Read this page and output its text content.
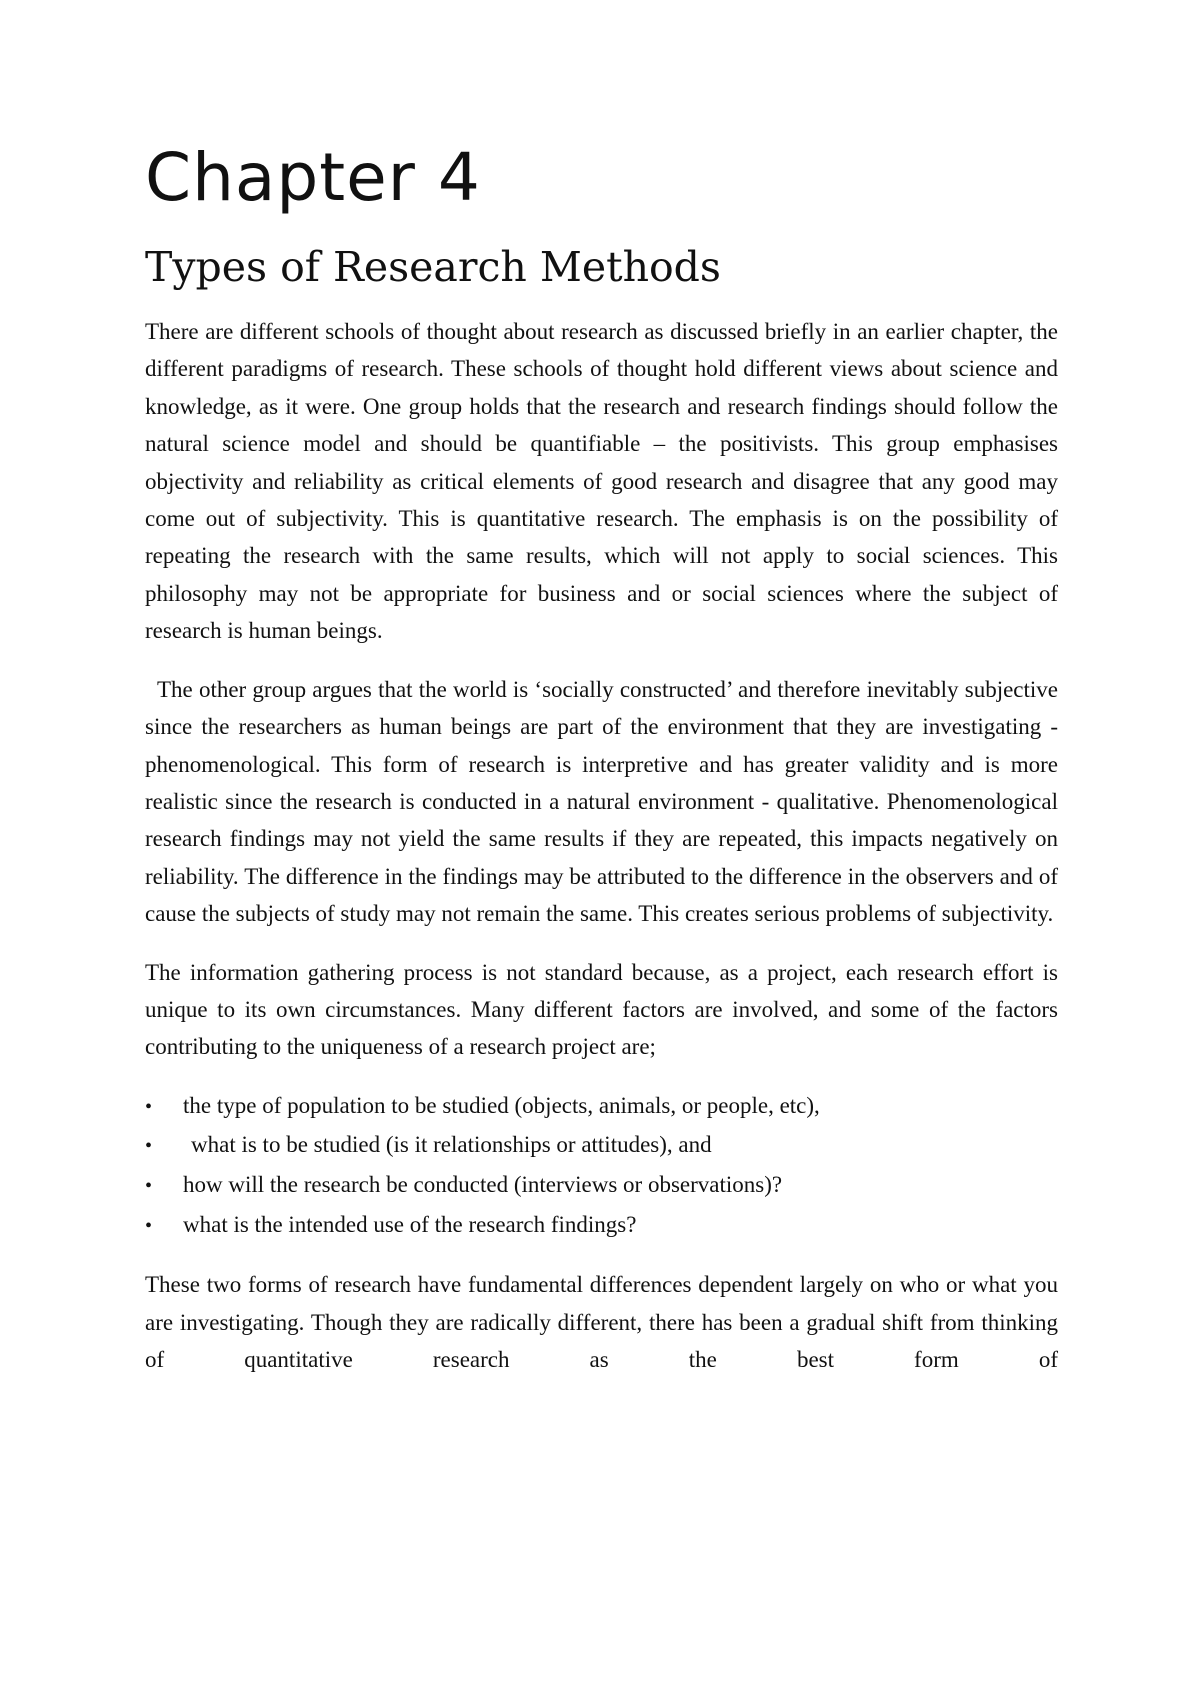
Chapter 4
Types of Research Methods

There are different schools of thought about research as discussed briefly in an earlier chapter, the different paradigms of research. These schools of thought hold different views about science and knowledge, as it were. One group holds that the research and research findings should follow the natural science model and should be quantifiable – the positivists. This group emphasises objectivity and reliability as critical elements of good research and disagree that any good may come out of subjectivity. This is quantitative research. The emphasis is on the possibility of repeating the research with the same results, which will not apply to social sciences. This philosophy may not be appropriate for business and or social sciences where the subject of research is human beings.

The other group argues that the world is ‘socially constructed’ and therefore inevitably subjective since the researchers as human beings are part of the environment that they are investigating - phenomenological. This form of research is interpretive and has greater validity and is more realistic since the research is conducted in a natural environment - qualitative. Phenomenological research findings may not yield the same results if they are repeated, this impacts negatively on reliability. The difference in the findings may be attributed to the difference in the observers and of cause the subjects of study may not remain the same. This creates serious problems of subjectivity.

The information gathering process is not standard because, as a project, each research effort is unique to its own circumstances. Many different factors are involved, and some of the factors contributing to the uniqueness of a research project are;

•	the type of population to be studied (objects, animals, or people, etc),
•	what is to be studied (is it relationships or attitudes), and
•	how will the research be conducted (interviews or observations)?
•	what is the intended use of the research findings?

These two forms of research have fundamental differences dependent largely on who or what you are investigating. Though they are radically different, there has been a gradual shift from thinking of quantitative research as the best form of
